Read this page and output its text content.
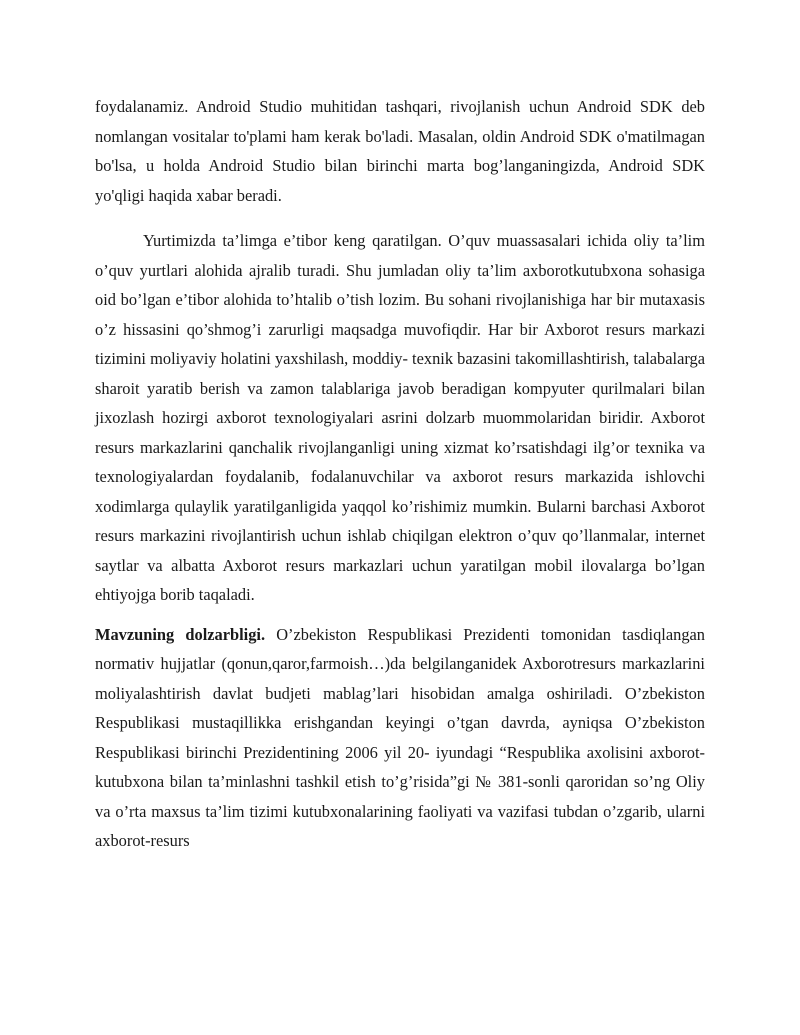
foydalanamiz. Android Studio muhitidan tashqari, rivojlanish uchun Android SDK deb nomlangan vositalar to'plami ham kerak bo'ladi. Masalan, oldin Android SDK o'matilmagan bo'lsa, u holda Android Studio bilan birinchi marta bog’langaningizda, Android SDK yo'qligi haqida xabar beradi.

Yurtimizda ta’limga e’tibor keng qaratilgan. O’quv muassasalari ichida oliy ta’lim o’quv yurtlari alohida ajralib turadi. Shu jumladan oliy ta’lim axborotkutubxona sohasiga oid bo’lgan e’tibor alohida to’htalib o’tish lozim. Bu sohani rivojlanishiga har bir mutaxasis o’z hissasini qo’shmog’i zarurligi maqsadga muvofiqdir. Har bir Axborot resurs markazi tizimini moliyaviy holatini yaxshilash, moddiy- texnik bazasini takomillashtirish, talabalarga sharoit yaratib berish va zamon talablariga javob beradigan kompyuter qurilmalari bilan jixozlash hozirgi axborot texnologiyalari asrini dolzarb muommolaridan biridir. Axborot resurs markazlarini qanchalik rivojlanganligi uning xizmat ko’rsatishdagi ilg’or texnika va texnologiyalardan foydalanib, fodalanuvchilar va axborot resurs markazida ishlovchi xodimlarga qulaylik yaratilganligida yaqqol ko’rishimiz mumkin. Bularni barchasi Axborot resurs markazini rivojlantirish uchun ishlab chiqilgan elektron o’quv qo’llanmalar, internet saytlar va albatta Axborot resurs markazlari uchun yaratilgan mobil ilovalarga bo’lgan ehtiyojga borib taqaladi.

Mavzuning dolzarbligi. O’zbekiston Respublikasi Prezidenti tomonidan tasdiqlangan normativ hujjatlar (qonun,qaror,farmoish…)da belgilanganidek Axborotresurs markazlarini moliyalashtirish davlat budjeti mablag’lari hisobidan amalga oshiriladi. O’zbekiston Respublikasi mustaqillikka erishgandan keyingi o’tgan davrda, ayniqsa O’zbekiston Respublikasi birinchi Prezidentining 2006 yil 20- iyundagi “Respublika axolisini axborot-kutubxona bilan ta’minlashni tashkil etish to’g’risida”gi № 381-sonli qaroridan so’ng Oliy va o’rta maxsus ta’lim tizimi kutubxonalarining faoliyati va vazifasi tubdan o’zgarib, ularni axborot-resurs
